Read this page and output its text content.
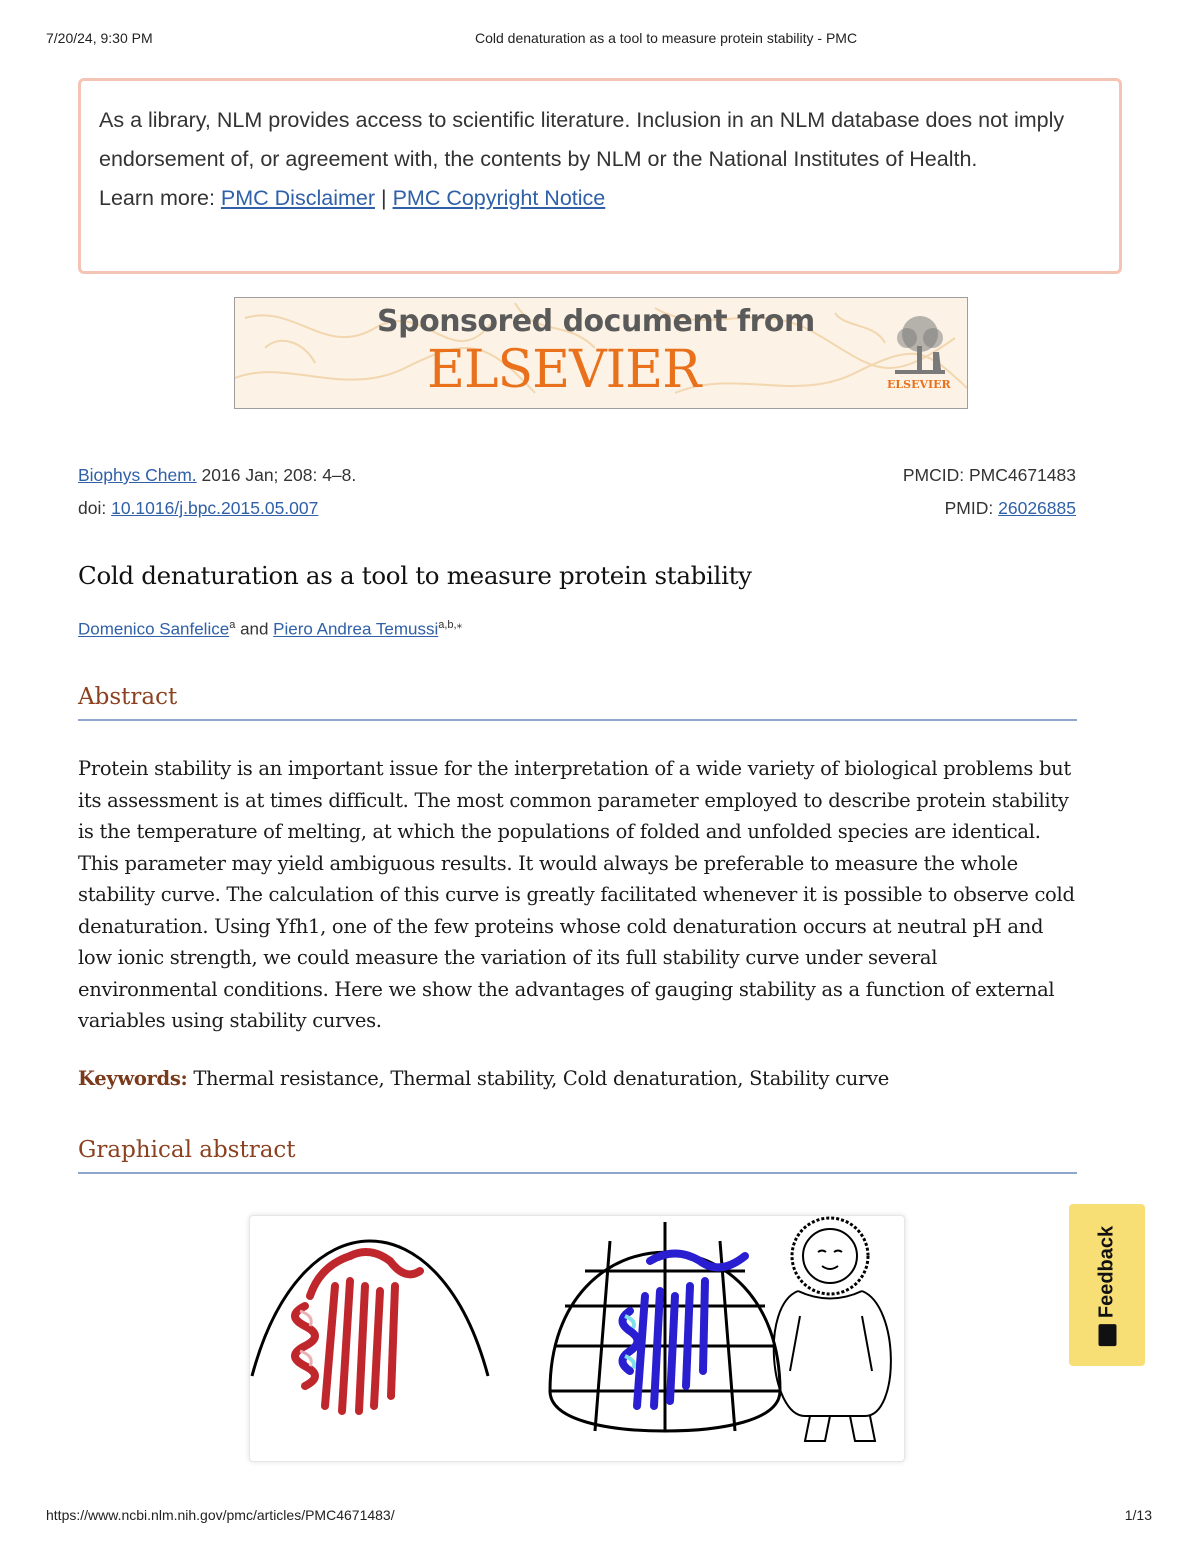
7/20/24, 9:30 PM	Cold denaturation as a tool to measure protein stability - PMC

As a library, NLM provides access to scientific literature. Inclusion in an NLM database does not imply endorsement of, or agreement with, the contents by NLM or the National Institutes of Health.

Learn more: PMC Disclaimer | PMC Copyright Notice

Sponsored document from
ELSEVIER	ELSEVIER
Biophys Chem. 2016 Jan; 208: 4–8.
doi: 10.1016/j.bpc.2015.05.007
PMCID: PMC4671483
PMID: 26026885
Cold denaturation as a tool to measure protein stability
Domenico Sanfelice$^a$ and Piero Andrea Temussi$^{a,b,⁎}$
Abstract

Protein stability is an important issue for the interpretation of a wide variety of biological problems but its assessment is at times difficult. The most common parameter employed to describe protein stability is the temperature of melting, at which the populations of folded and unfolded species are identical. This parameter may yield ambiguous results. It would always be preferable to measure the whole stability curve. The calculation of this curve is greatly facilitated whenever it is possible to observe cold denaturation. Using Yfh1, one of the few proteins whose cold denaturation occurs at neutral pH and low ionic strength, we could measure the variation of its full stability curve under several environmental conditions. Here we show the advantages of gauging stability as a function of external variables using stability curves.

Keywords: Thermal resistance, Thermal stability, Cold denaturation, Stability curve
Graphical abstract
Feedback
https://www.ncbi.nlm.nih.gov/pmc/articles/PMC4671483/	1/13
